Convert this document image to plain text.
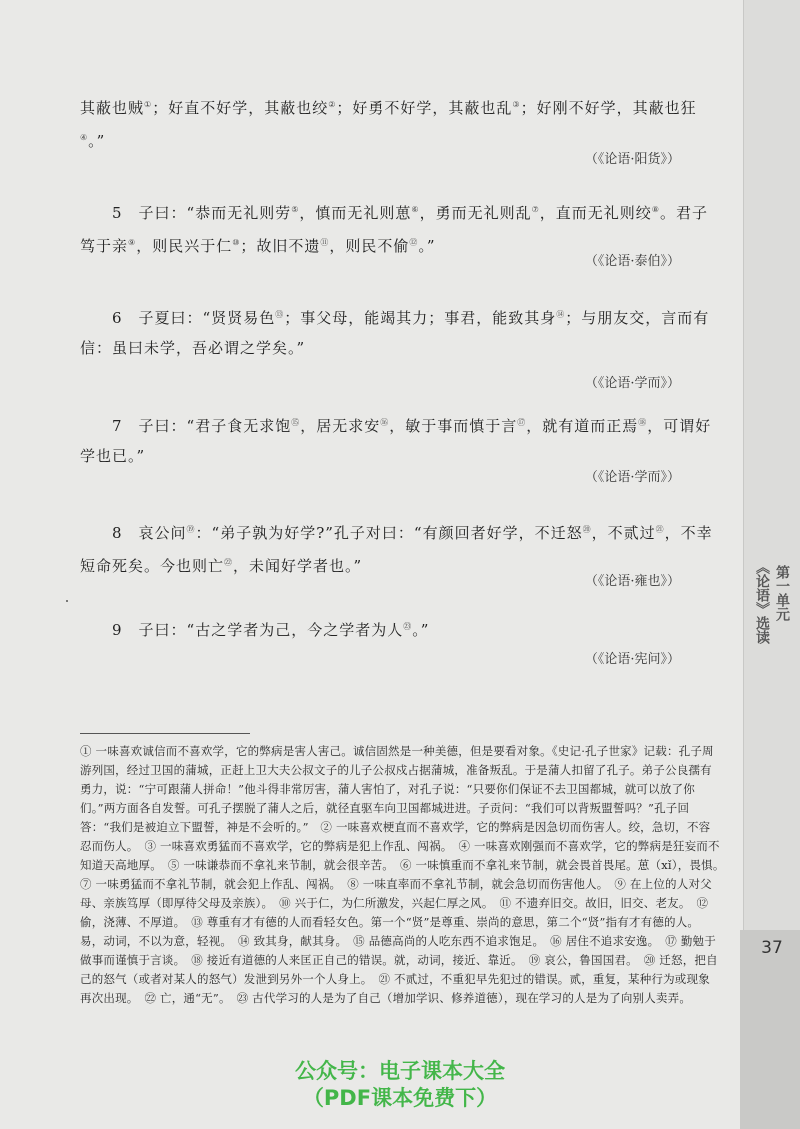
第一单元
《论语》选读
37
其蔽也贼①；好直不好学，其蔽也绞②；好勇不好学，其蔽也乱③；好刚不好学，其蔽也狂④。”
（《论语·阳货》）
5　子曰：“恭而无礼则劳⑤，慎而无礼则葸⑥，勇而无礼则乱⑦，直而无礼则绞⑧。君子笃于亲⑨，则民兴于仁⑩；故旧不遗⑪，则民不偷⑫。”
（《论语·泰伯》）
6　子夏曰：“贤贤易色⑬；事父母，能竭其力；事君，能致其身⑭；与朋友交，言而有信：虽曰未学，吾必谓之学矣。”
（《论语·学而》）
7　子曰：“君子食无求饱⑮，居无求安⑯，敏于事而慎于言⑰，就有道而正焉⑱，可谓好学也已。”
（《论语·学而》）
8　哀公问⑲：“弟子孰为好学?”孔子对曰：“有颜回者好学，不迁怒⑳，不贰过$^㉑$，不幸短命死矣。今也则亡$^㉒$，未闻好学者也。”
（《论语·雍也》）
9　子曰：“古之学者为己，今之学者为人$^㉓$。”
（《论语·宪问》）
① 一味喜欢诚信而不喜欢学，它的弊病是害人害己。诚信固然是一种美德，但是要看对象。《史记·孔子世家》记载：孔子周游列国，经过卫国的蒲城，正赶上卫大夫公叔文子的儿子公叔戍占据蒲城，准备叛乱。于是蒲人扣留了孔子。弟子公良孺有勇力，说：“宁可跟蒲人拼命！”他斗得非常厉害，蒲人害怕了，对孔子说：“只要你们保证不去卫国都城，就可以放了你们。”两方面各自发誓。可孔子摆脱了蒲人之后，就径直驱车向卫国都城进进。子贡问：“我们可以背叛盟誓吗？”孔子回答：“我们是被迫立下盟誓，神是不会听的。”　② 一味喜欢梗直而不喜欢学，它的弊病是因急切而伤害人。绞，急切，不容忍而伤人。　③ 一味喜欢勇猛而不喜欢学，它的弊病是犯上作乱、闯祸。　④ 一味喜欢刚强而不喜欢学，它的弊病是狂妄而不知道天高地厚。　⑤ 一味谦恭而不拿礼来节制，就会很辛苦。　⑥ 一味慎重而不拿礼来节制，就会畏首畏尾。葸（xǐ），畏惧。　⑦ 一味勇猛而不拿礼节制，就会犯上作乱、闯祸。　⑧ 一味直率而不拿礼节制，就会急切而伤害他人。　⑨ 在上位的人对父母、亲族笃厚（即厚待父母及亲族）。　⑩ 兴于仁，为仁所激发，兴起仁厚之风。　⑪ 不遗弃旧交。故旧，旧交、老友。　⑫ 偷，浇薄、不厚道。　⑬ 尊重有才有德的人而看轻女色。第一个“贤”是尊重、崇尚的意思，第二个“贤”指有才有德的人。易，动词，不以为意，轻视。　⑭ 致其身，献其身。　⑮ 品德高尚的人吃东西不追求饱足。　⑯ 居住不追求安逸。　⑰ 勤勉于做事而谨慎于言谈。　⑱ 接近有道德的人来匡正自己的错误。就，动词，接近、靠近。　⑲ 哀公，鲁国国君。　⑳ 迁怒，把自己的怒气（或者对某人的怒气）发泄到另外一个人身上。　㉑ 不贰过，不重犯早先犯过的错误。贰，重复，某种行为或现象再次出现。　㉒ 亡，通“无”。　㉓ 古代学习的人是为了自己（增加学识、修养道德），现在学习的人是为了向别人卖弄。
公众号：电子课本大全
（PDF课本免费下）
